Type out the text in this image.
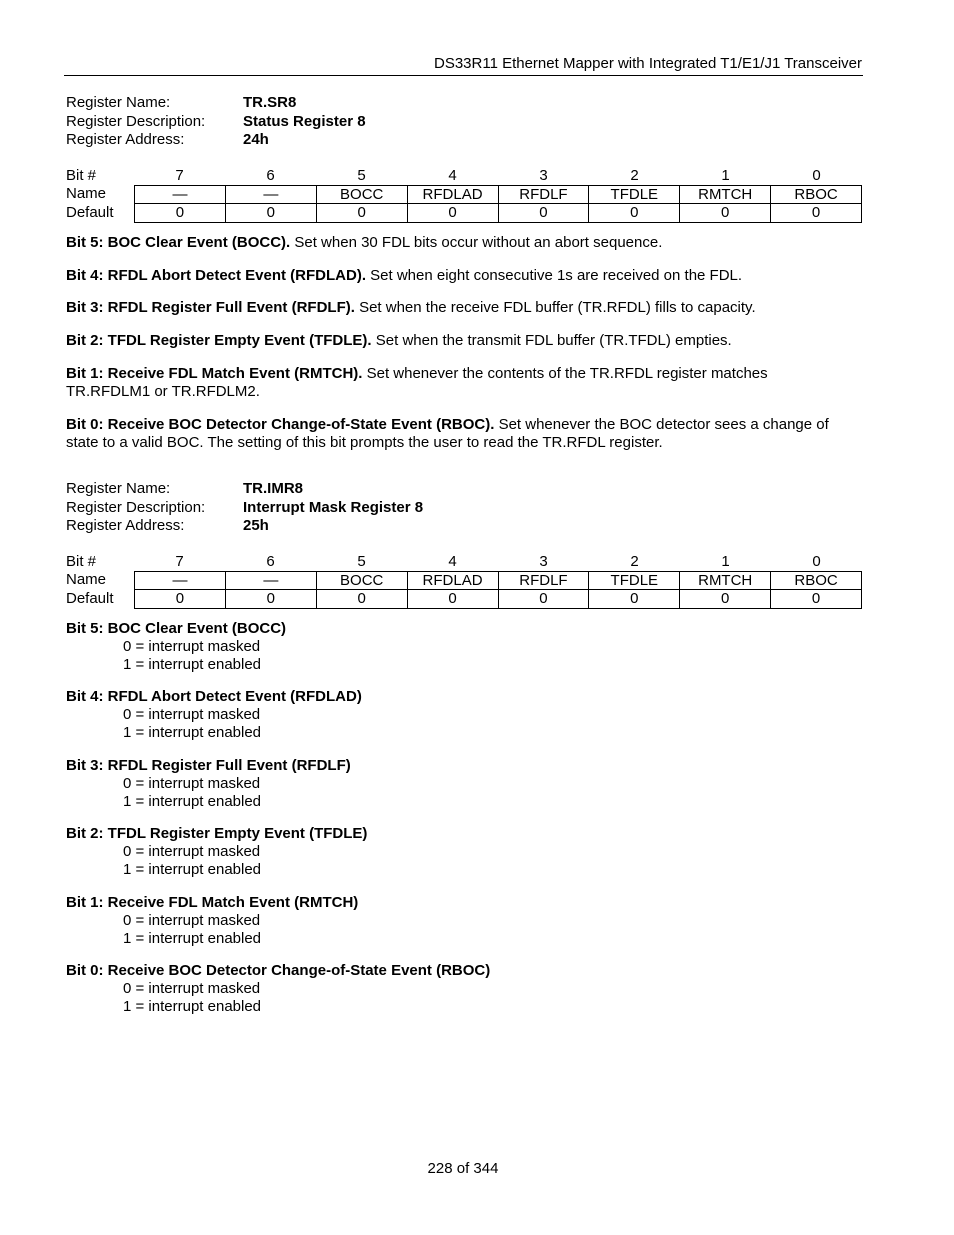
DS33R11 Ethernet Mapper with Integrated T1/E1/J1 Transceiver
Register Name:	TR.SR8
Register Description:	Status Register 8
Register Address:	24h
Bit #	7	6	5	4	3	2	1	0
Name	—	—	BOCC	RFDLAD	RFDLF	TFDLE	RMTCH	RBOC
Default	0	0	0	0	0	0	0	0
Bit 5: BOC Clear Event (BOCC). Set when 30 FDL bits occur without an abort sequence.
Bit 4: RFDL Abort Detect Event (RFDLAD). Set when eight consecutive 1s are received on the FDL.
Bit 3: RFDL Register Full Event (RFDLF). Set when the receive FDL buffer (TR.RFDL) fills to capacity.
Bit 2: TFDL Register Empty Event (TFDLE). Set when the transmit FDL buffer (TR.TFDL) empties.
Bit 1: Receive FDL Match Event (RMTCH). Set whenever the contents of the TR.RFDL register matches TR.RFDLM1 or TR.RFDLM2.
Bit 0: Receive BOC Detector Change-of-State Event (RBOC). Set whenever the BOC detector sees a change of state to a valid BOC. The setting of this bit prompts the user to read the TR.RFDL register.
Register Name:	TR.IMR8
Register Description:	Interrupt Mask Register 8
Register Address:	25h
Bit #	7	6	5	4	3	2	1	0
Name	—	—	BOCC	RFDLAD	RFDLF	TFDLE	RMTCH	RBOC
Default	0	0	0	0	0	0	0	0
Bit 5: BOC Clear Event (BOCC)
0 = interrupt masked
1 = interrupt enabled
Bit 4: RFDL Abort Detect Event (RFDLAD)
0 = interrupt masked
1 = interrupt enabled
Bit 3: RFDL Register Full Event (RFDLF)
0 = interrupt masked
1 = interrupt enabled
Bit 2: TFDL Register Empty Event (TFDLE)
0 = interrupt masked
1 = interrupt enabled
Bit 1: Receive FDL Match Event (RMTCH)
0 = interrupt masked
1 = interrupt enabled
Bit 0: Receive BOC Detector Change-of-State Event (RBOC)
0 = interrupt masked
1 = interrupt enabled
228 of 344
